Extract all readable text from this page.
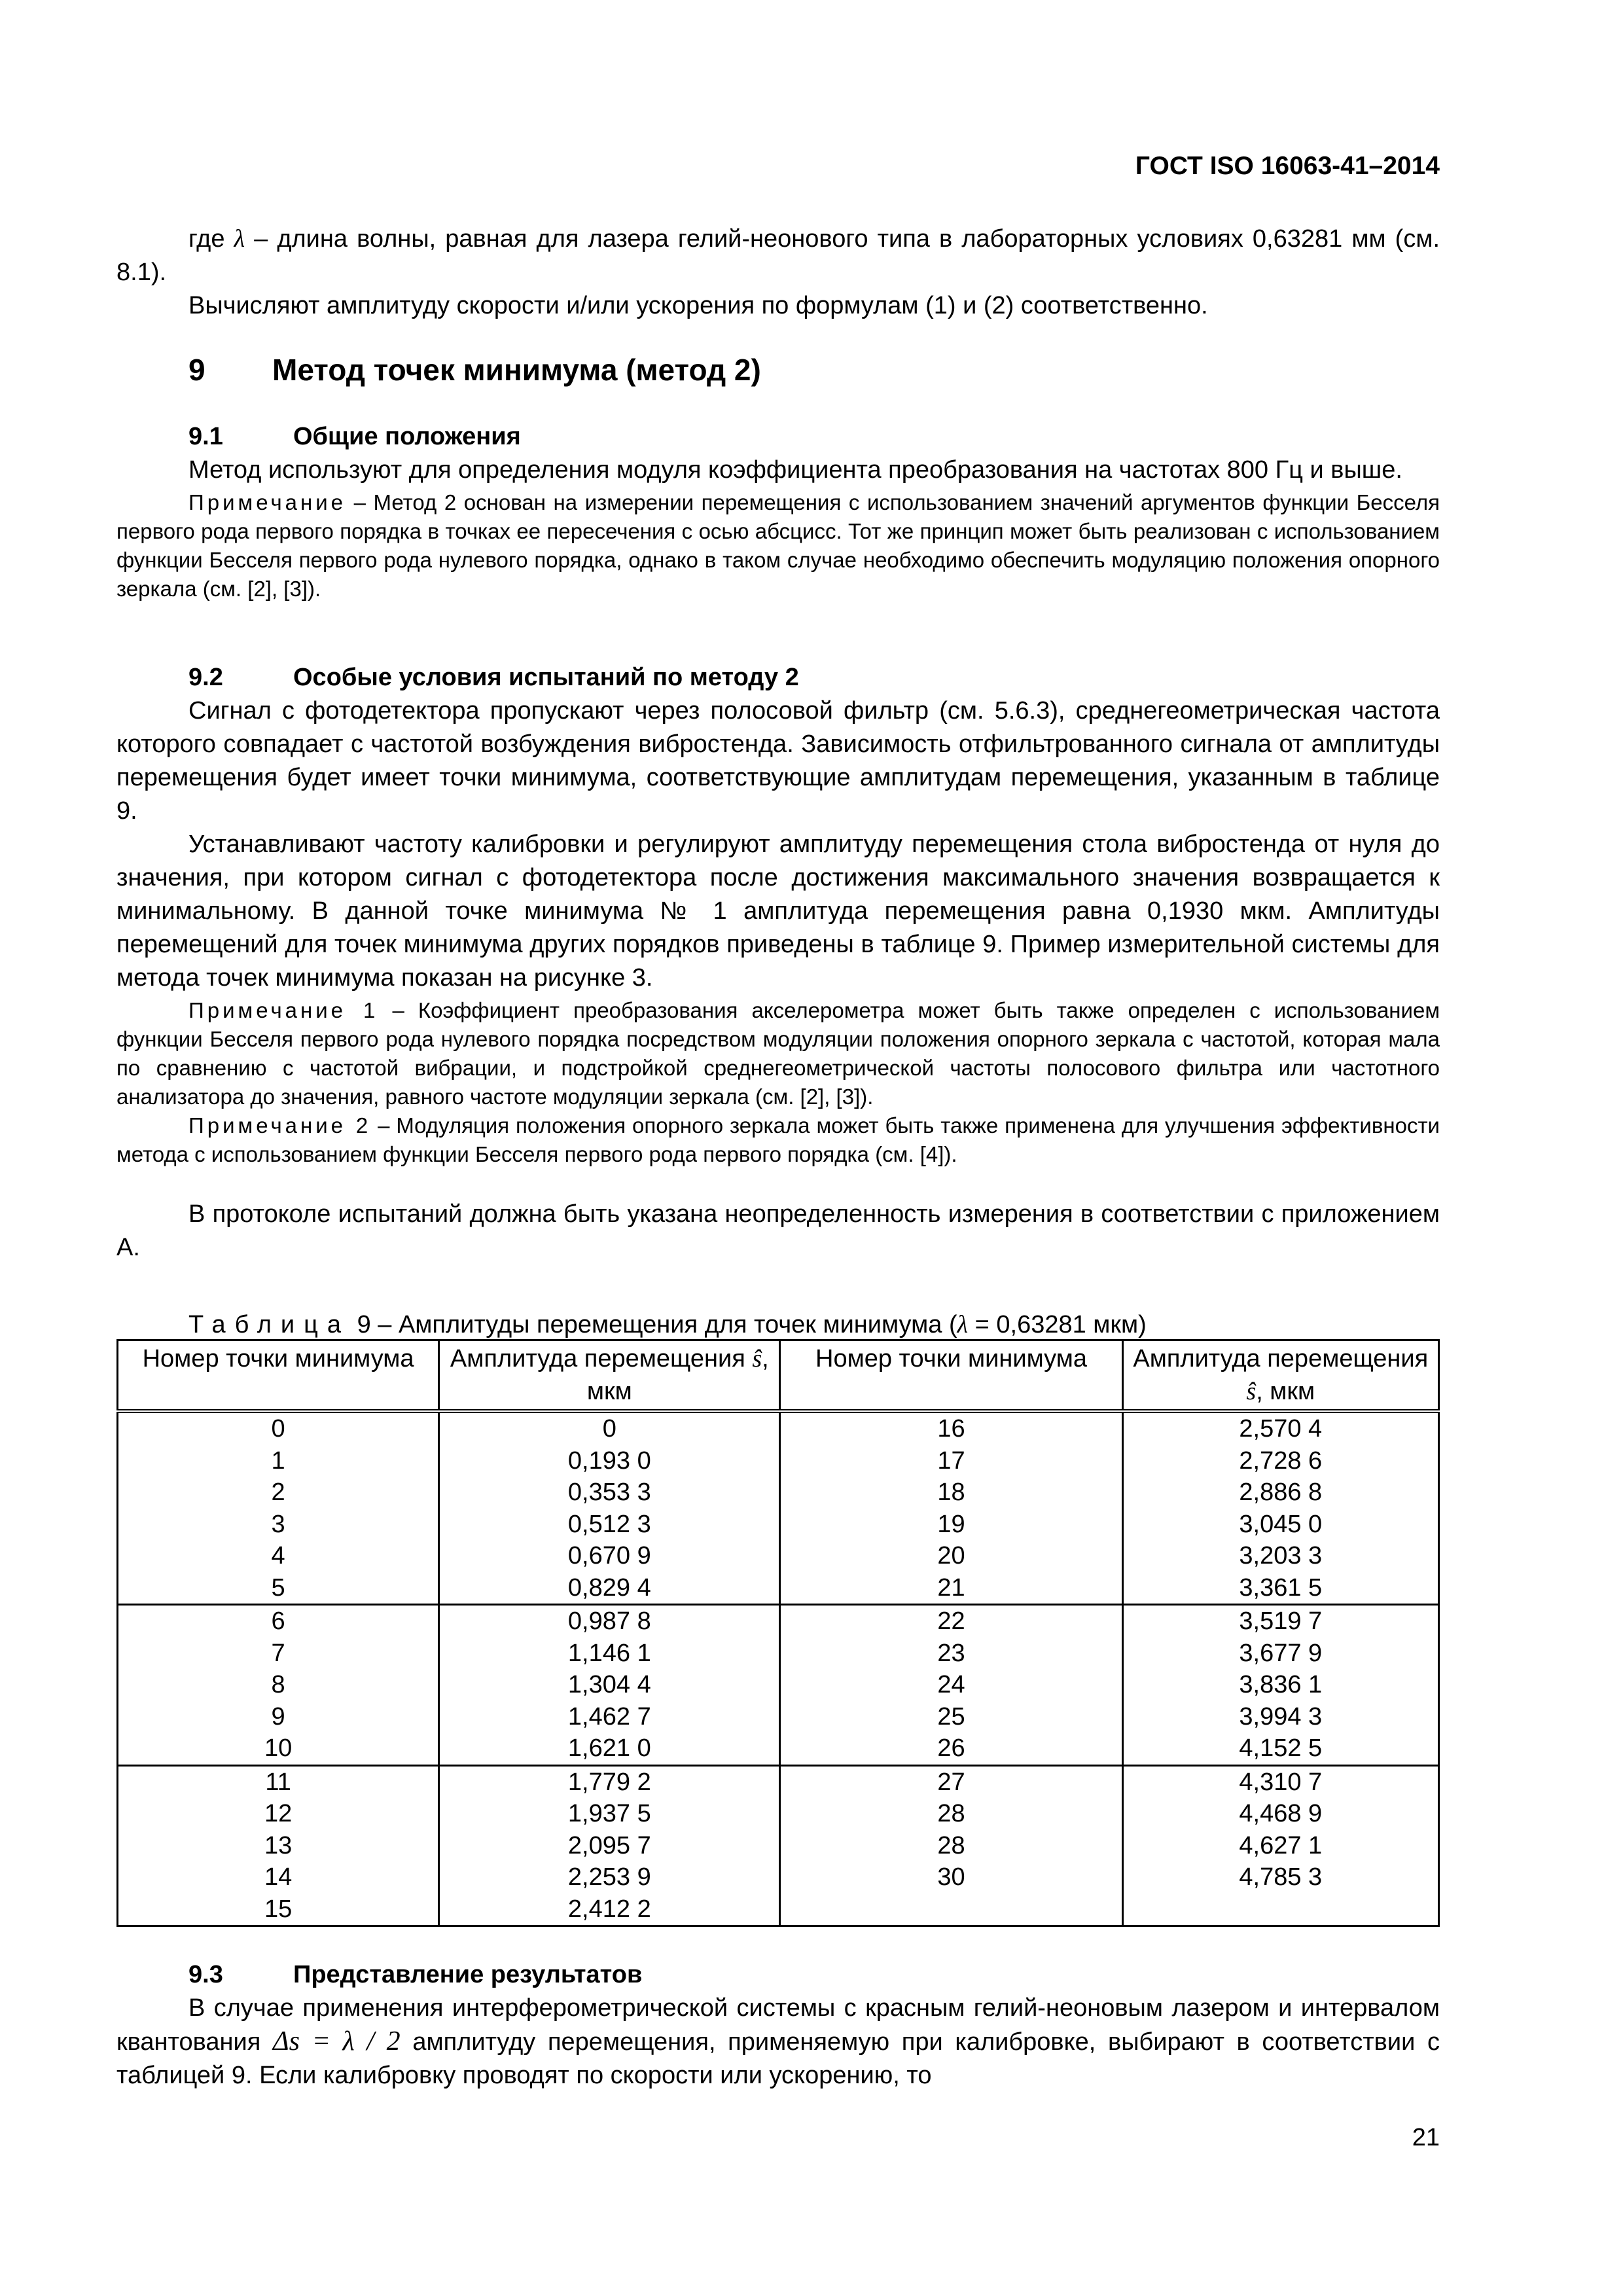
ГОСТ ISO 16063-41–2014

где λ – длина волны, равная для лазера гелий-неонового типа в лабораторных условиях 0,63281 мм (см. 8.1).

Вычисляют амплитуду скорости и/или ускорения по формулам (1) и (2) соответственно.

9 Метод точек минимума (метод 2)

9.1	Общие положения

Метод используют для определения модуля коэффициента преобразования на частотах 800 Гц и выше.

Примечание – Метод 2 основан на измерении перемещения с использованием значений аргументов функции Бесселя первого рода первого порядка в точках ее пересечения с осью абсцисс. Тот же принцип может быть реализован с использованием функции Бесселя первого рода нулевого порядка, однако в таком случае необходимо обеспечить модуляцию положения опорного зеркала (см. [2], [3]).

9.2	Особые условия испытаний по методу 2

Сигнал с фотодетектора пропускают через полосовой фильтр (см. 5.6.3), среднегеометрическая частота которого совпадает с частотой возбуждения вибростенда. Зависимость отфильтрованного сигнала от амплитуды перемещения будет имеет точки минимума, соответствующие амплитудам перемещения, указанным в таблице 9.

Устанавливают частоту калибровки и регулируют амплитуду перемещения стола вибростенда от нуля до значения, при котором сигнал с фотодетектора после достижения максимального значения возвращается к минимальному. В данной точке минимума № 1 амплитуда перемещения равна 0,1930 мкм. Амплитуды перемещений для точек минимума других порядков приведены в таблице 9. Пример измерительной системы для метода точек минимума показан на рисунке 3.

Примечание 1 – Коэффициент преобразования акселерометра может быть также определен с использованием функции Бесселя первого рода нулевого порядка посредством модуляции положения опорного зеркала с частотой, которая мала по сравнению с частотой вибрации, и подстройкой среднегеометрической частоты полосового фильтра или частотного анализатора до значения, равного частоте модуляции зеркала (см. [2], [3]).

Примечание 2 – Модуляция положения опорного зеркала может быть также применена для улучшения эффективности метода с использованием функции Бесселя первого рода первого порядка (см. [4]).

В протоколе испытаний должна быть указана неопределенность измерения в соответствии с приложением А.

Таблица 9 – Амплитуды перемещения для точек минимума (λ = 0,63281 мкм)
Номер точки минимума	Амплитуда перемещения ŝ, мкм	Номер точки минимума	Амплитуда перемещения ŝ, мкм
0	0	16	2,570 4
1	0,193 0	17	2,728 6
2	0,353 3	18	2,886 8
3	0,512 3	19	3,045 0
4	0,670 9	20	3,203 3
5	0,829 4	21	3,361 5
6	0,987 8	22	3,519 7
7	1,146 1	23	3,677 9
8	1,304 4	24	3,836 1
9	1,462 7	25	3,994 3
10	1,621 0	26	4,152 5
11	1,779 2	27	4,310 7
12	1,937 5	28	4,468 9
13	2,095 7	28	4,627 1
14	2,253 9	30	4,785 3
15	2,412 2		

9.3	Представление результатов

В случае применения интерферометрической системы с красным гелий-неоновым лазером и интервалом квантования Δs = λ / 2 амплитуду перемещения, применяемую при калибровке, выбирают в соответствии с таблицей 9. Если калибровку проводят по скорости или ускорению, то

21
